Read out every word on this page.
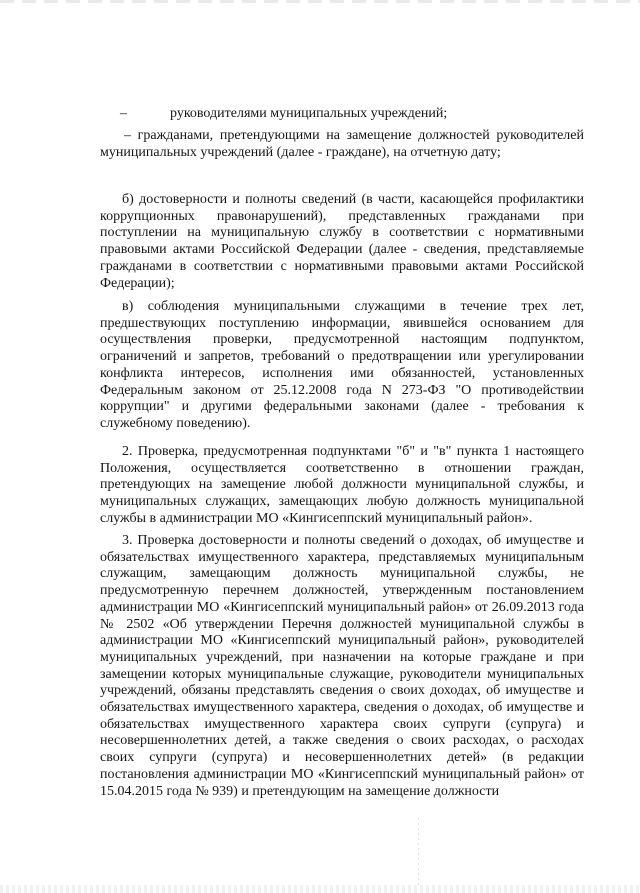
–	руководителями муниципальных учреждений;

– гражданами, претендующими на замещение должностей руководителей муниципальных учреждений (далее - граждане), на отчетную дату;

б) достоверности и полноты сведений (в части, касающейся профилактики коррупционных правонарушений), представленных гражданами при поступлении на муниципальную службу в соответствии с нормативными правовыми актами Российской Федерации (далее - сведения, представляемые гражданами в соответствии с нормативными правовыми актами Российской Федерации);

в) соблюдения муниципальными служащими в течение трех лет, предшествующих поступлению информации, явившейся основанием для осуществления проверки, предусмотренной настоящим подпунктом, ограничений и запретов, требований о предотвращении или урегулировании конфликта интересов, исполнения ими обязанностей, установленных Федеральным законом от 25.12.2008 года N 273-ФЗ "О противодействии коррупции" и другими федеральными законами (далее - требования к служебному поведению).

2. Проверка, предусмотренная подпунктами "б" и "в" пункта 1 настоящего Положения, осуществляется соответственно в отношении граждан, претендующих на замещение любой должности муниципальной службы, и муниципальных служащих, замещающих любую должность муниципальной службы в администрации МО «Кингисеппский муниципальный район».

3. Проверка достоверности и полноты сведений о доходах, об имуществе и обязательствах имущественного характера, представляемых муниципальным служащим, замещающим должность муниципальной службы, не предусмотренную перечнем должностей, утвержденным постановлением администрации МО «Кингисеппский муниципальный район» от 26.09.2013 года № 2502 «Об утверждении Перечня должностей муниципальной службы в администрации МО «Кингисеппский муниципальный район», руководителей муниципальных учреждений, при назначении на которые граждане и при замещении которых муниципальные служащие, руководители муниципальных учреждений, обязаны представлять сведения о своих доходах, об имуществе и обязательствах имущественного характера, сведения о доходах, об имуществе и обязательствах имущественного характера своих супруги (супруга) и несовершеннолетних детей, а также сведения о своих расходах, о расходах своих супруги (супруга) и несовершеннолетних детей» (в редакции постановления администрации МО «Кингисеппский муниципальный район» от 15.04.2015 года № 939) и претендующим на замещение должности
